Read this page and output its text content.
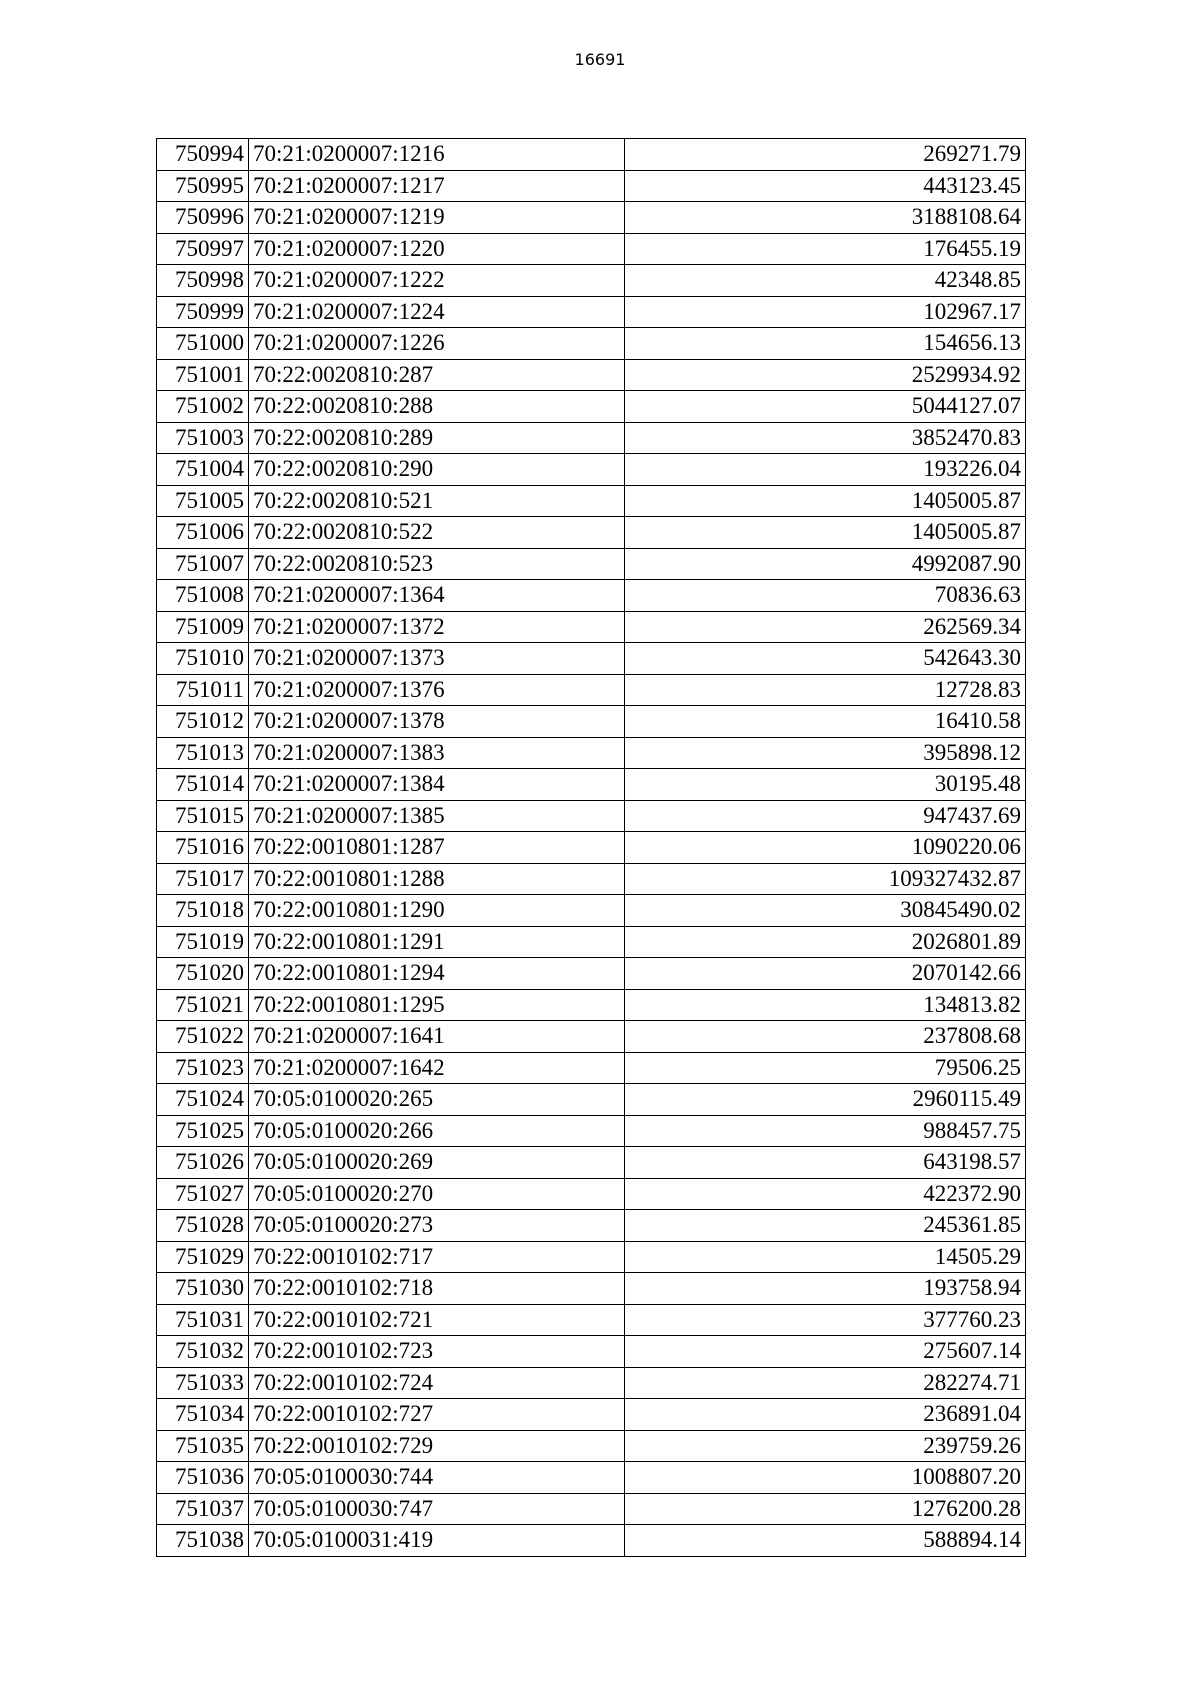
16691
750994	70:21:0200007:1216	269271.79
750995	70:21:0200007:1217	443123.45
750996	70:21:0200007:1219	3188108.64
750997	70:21:0200007:1220	176455.19
750998	70:21:0200007:1222	42348.85
750999	70:21:0200007:1224	102967.17
751000	70:21:0200007:1226	154656.13
751001	70:22:0020810:287	2529934.92
751002	70:22:0020810:288	5044127.07
751003	70:22:0020810:289	3852470.83
751004	70:22:0020810:290	193226.04
751005	70:22:0020810:521	1405005.87
751006	70:22:0020810:522	1405005.87
751007	70:22:0020810:523	4992087.90
751008	70:21:0200007:1364	70836.63
751009	70:21:0200007:1372	262569.34
751010	70:21:0200007:1373	542643.30
751011	70:21:0200007:1376	12728.83
751012	70:21:0200007:1378	16410.58
751013	70:21:0200007:1383	395898.12
751014	70:21:0200007:1384	30195.48
751015	70:21:0200007:1385	947437.69
751016	70:22:0010801:1287	1090220.06
751017	70:22:0010801:1288	109327432.87
751018	70:22:0010801:1290	30845490.02
751019	70:22:0010801:1291	2026801.89
751020	70:22:0010801:1294	2070142.66
751021	70:22:0010801:1295	134813.82
751022	70:21:0200007:1641	237808.68
751023	70:21:0200007:1642	79506.25
751024	70:05:0100020:265	2960115.49
751025	70:05:0100020:266	988457.75
751026	70:05:0100020:269	643198.57
751027	70:05:0100020:270	422372.90
751028	70:05:0100020:273	245361.85
751029	70:22:0010102:717	14505.29
751030	70:22:0010102:718	193758.94
751031	70:22:0010102:721	377760.23
751032	70:22:0010102:723	275607.14
751033	70:22:0010102:724	282274.71
751034	70:22:0010102:727	236891.04
751035	70:22:0010102:729	239759.26
751036	70:05:0100030:744	1008807.20
751037	70:05:0100030:747	1276200.28
751038	70:05:0100031:419	588894.14
